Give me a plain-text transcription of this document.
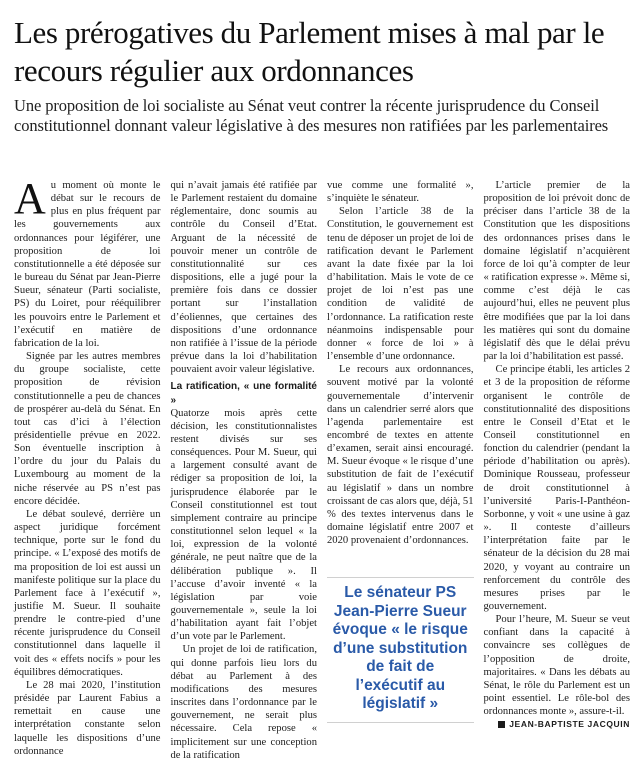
Les prérogatives du Parlement mises à mal par le recours régulier aux ordonnances

Une proposition de loi socialiste au Sénat veut contrer la récente jurisprudence du Conseil constitutionnel donnant valeur législative à des mesures non ratifiées par les parlementaires

A u moment où monte le débat sur le recours de plus en plus fréquent par les gouvernements aux ordonnances pour légiférer, une proposition de loi constitutionnelle a été déposée sur le bureau du Sénat par Jean-Pierre Sueur, sénateur (Parti socialiste, PS) du Loiret, pour rééquilibrer les pouvoirs entre le Parlement et l’exécutif en matière de fabrication de la loi.

Signée par les autres membres du groupe socialiste, cette proposition de révision constitutionnelle a peu de chances de prospérer au-delà du Sénat. En tout cas d’ici à l’élection présidentielle prévue en 2022. Son éventuelle inscription à l’ordre du jour du Palais du Luxembourg au moment de la niche réservée au PS n’est pas encore décidée.

Le débat soulevé, derrière un aspect juridique forcément technique, porte sur le fond du principe. « L’exposé des motifs de ma proposition de loi est aussi un manifeste politique sur la place du Parlement face à l’exécutif », justifie M. Sueur. Il souhaite prendre le contre-pied d’une récente jurisprudence du Conseil constitutionnel dans laquelle il voit des « effets nocifs » pour les équilibres démocratiques.

Le 28 mai 2020, l’institution présidée par Laurent Fabius a remettait en cause une interprétation constante selon laquelle les dispositions d’une ordonnance

qui n’avait jamais été ratifiée par le Parlement restaient du domaine réglementaire, donc soumis au contrôle du Conseil d’Etat. Arguant de la nécessité de pouvoir mener un contrôle de constitutionnalité sur ces dispositions, elle a jugé pour la première fois dans ce dossier portant sur l’installation d’éoliennes, que certaines des dispositions d’une ordonnance non ratifiée à l’issue de la période prévue dans la loi d’habilitation pouvaient avoir valeur législative.

La ratification, « une formalité »

Quatorze mois après cette décision, les constitutionnalistes restent divisés sur ses conséquences. Pour M. Sueur, qui a largement consulté avant de rédiger sa proposition de loi, la jurisprudence élaborée par le Conseil constitutionnel est tout simplement contraire au principe constitutionnel selon lequel « la loi, expression de la volonté générale, ne peut naître que de la délibération publique ». Il l’accuse d’avoir inventé « la législation par voie gouvernementale », seule la loi d’habilitation ayant fait l’objet d’un vote par le Parlement.

Un projet de loi de ratification, qui donne parfois lieu lors du débat au Parlement à des modifications des mesures inscrites dans l’ordonnance par le gouvernement, ne serait plus nécessaire. Cela repose « implicitement sur une conception de la ratification

vue comme une formalité », s’inquiète le sénateur.

Selon l’article 38 de la Constitution, le gouvernement est tenu de déposer un projet de loi de ratification devant le Parlement avant la date fixée par la loi d’habilitation. Mais le vote de ce projet de loi n’est pas une condition de validité de l’ordonnance. La ratification reste néanmoins indispensable pour donner « force de loi » à l’ensemble d’une ordonnance.

Le recours aux ordonnances, souvent motivé par la volonté gouvernementale d’intervenir dans un calendrier serré alors que l’agenda parlementaire est encombré de textes en attente d’examen, serait ainsi encouragé. M. Sueur évoque « le risque d’une substitution de fait de l’exécutif au législatif » dans un nombre croissant de cas alors que, déjà, 51 % des textes intervenus dans le domaine législatif entre 2007 et 2020 provenaient d’ordonnances.

Le sénateur PS Jean-Pierre Sueur évoque « le risque d’une substitution de fait de l’exécutif au législatif »

L’article premier de la proposition de loi prévoit donc de préciser dans l’article 38 de la Constitution que les dispositions des ordonnances prises dans le domaine législatif n’acquièrent force de loi qu’à compter de leur « ratification expresse ». Même si, comme c’est déjà le cas aujourd’hui, elles ne peuvent plus être modifiées que par la loi dans les matières qui sont du domaine législatif dès que le délai prévu par la loi d’habilitation est passé.

Ce principe établi, les articles 2 et 3 de la proposition de réforme organisent le contrôle de constitutionnalité des dispositions entre le Conseil d’Etat et le Conseil constitutionnel en fonction du calendrier (pendant la période d’habilitation ou après). Dominique Rousseau, professeur de droit constitutionnel à l’université Paris-I-Panthéon-Sorbonne, y voit « une usine à gaz ». Il conteste d’ailleurs l’interprétation faite par le sénateur de la décision du 28 mai 2020, y voyant au contraire un renforcement du contrôle des mesures prises par le gouvernement.

Pour l’heure, M. Sueur se veut confiant dans la capacité à convaincre ses collègues de l’opposition de droite, majoritaires. « Dans les débats au Sénat, le rôle du Parlement est un point essentiel. Le rôle-bol des ordonnances monte », assure-t-il.

JEAN-BAPTISTE JACQUIN
